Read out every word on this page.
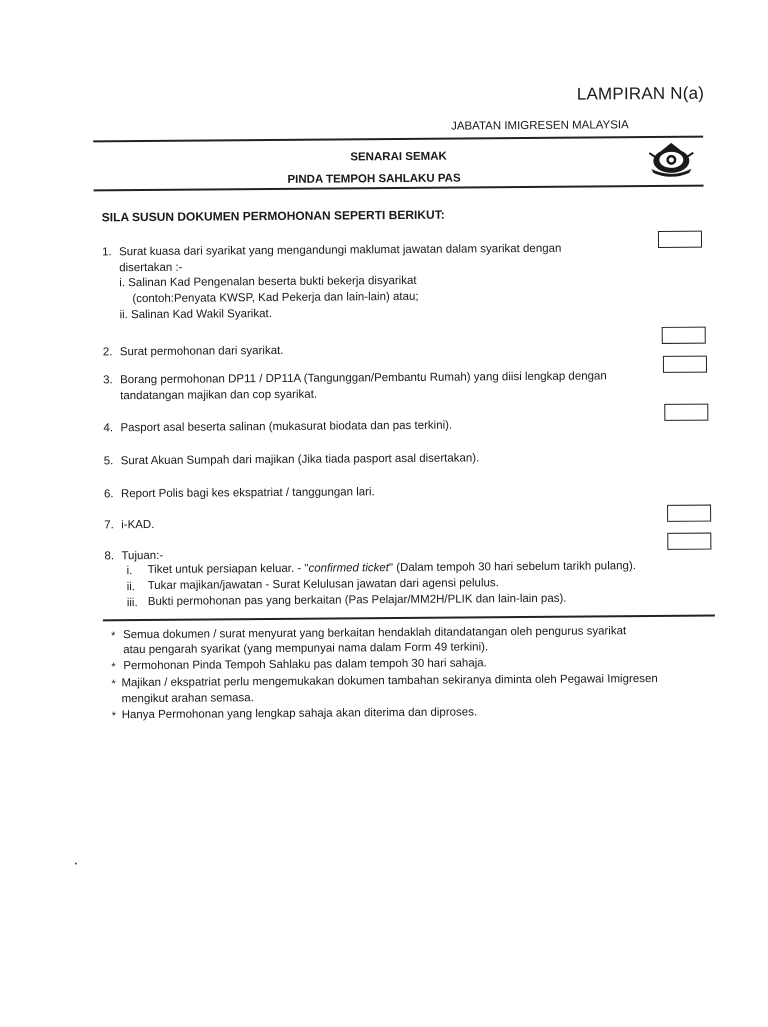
LAMPIRAN N(a)
JABATAN IMIGRESEN MALAYSIA
SENARAI SEMAK
PINDA TEMPOH SAHLAKU PAS
SILA SUSUN DOKUMEN PERMOHONAN SEPERTI BERIKUT:
1. Surat kuasa dari syarikat yang mengandungi maklumat jawatan dalam syarikat dengan
disertakan :-
i. Salinan Kad Pengenalan beserta bukti bekerja disyarikat
(contoh:Penyata KWSP, Kad Pekerja dan lain-lain) atau;
ii. Salinan Kad Wakil Syarikat.
2. Surat permohonan dari syarikat.
3. Borang permohonan DP11 / DP11A (Tangunggan/Pembantu Rumah) yang diisi lengkap dengan
tandatangan majikan dan cop syarikat.
4. Pasport asal beserta salinan (mukasurat biodata dan pas terkini).
5. Surat Akuan Sumpah dari majikan (Jika tiada pasport asal disertakan).
6. Report Polis bagi kes ekspatriat / tanggungan lari.
7. i-KAD.
8. Tujuan:-
i. Tiket untuk persiapan keluar. - "confirmed ticket" (Dalam tempoh 30 hari sebelum tarikh pulang).
ii. Tukar majikan/jawatan - Surat Kelulusan jawatan dari agensi pelulus.
iii. Bukti permohonan pas yang berkaitan (Pas Pelajar/MM2H/PLIK dan lain-lain pas).
* Semua dokumen / surat menyurat yang berkaitan hendaklah ditandatangan oleh pengurus syarikat
atau pengarah syarikat (yang mempunyai nama dalam Form 49 terkini).
* Permohonan Pinda Tempoh Sahlaku pas dalam tempoh 30 hari sahaja.
* Majikan / ekspatriat perlu mengemukakan dokumen tambahan sekiranya diminta oleh Pegawai Imigresen
mengikut arahan semasa.
* Hanya Permohonan yang lengkap sahaja akan diterima dan diproses.
